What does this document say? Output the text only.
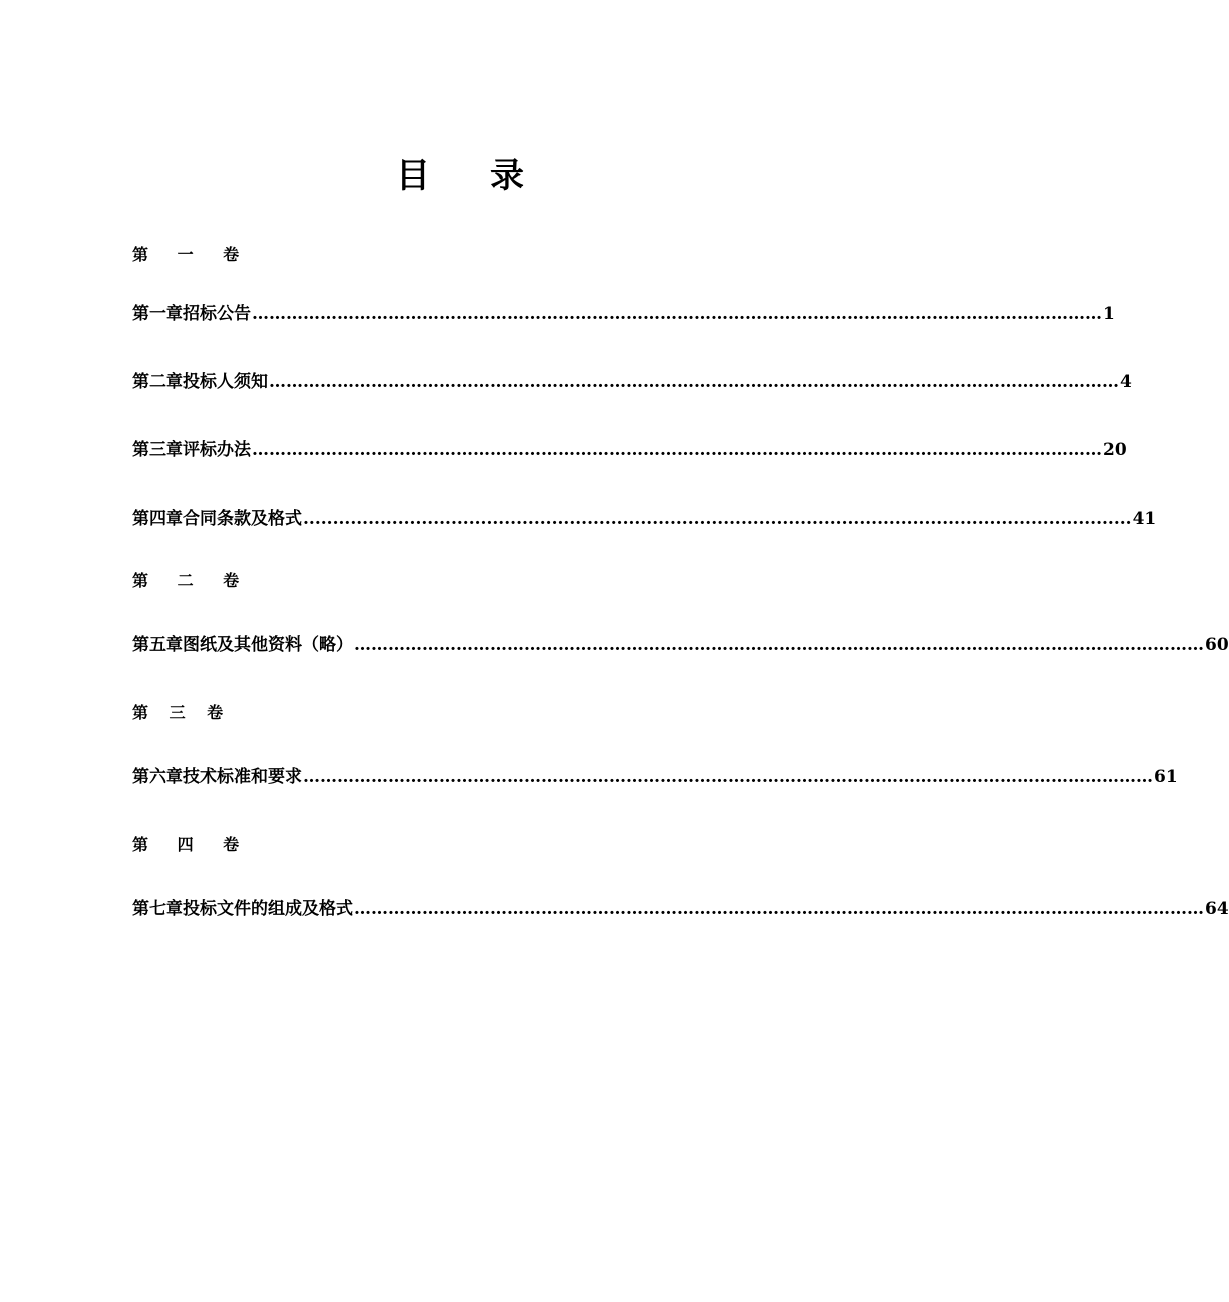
目录
第 一 卷
第一章 招标公告 …………………………………………………………………………………………………………………………………… 1
第二章 投标人须知 …………………………………………………………………………………………………………………………………… 4
第三章 评标办法 …………………………………………………………………………………………………………………………………… 20
第四章 合同条款及格式 ............................................................................................................................................ 41
第 二 卷
第五章 图纸及其他资料（略） …………………………………………………………………………………………………………………………………… 60
第 三 卷
第六章 技术标准和要求 …………………………………………………………………………………………………………………………………… 61
第 四 卷
第七章 投标文件的组成及格式 …………………………………………………………………………………………………………………………………… 64
